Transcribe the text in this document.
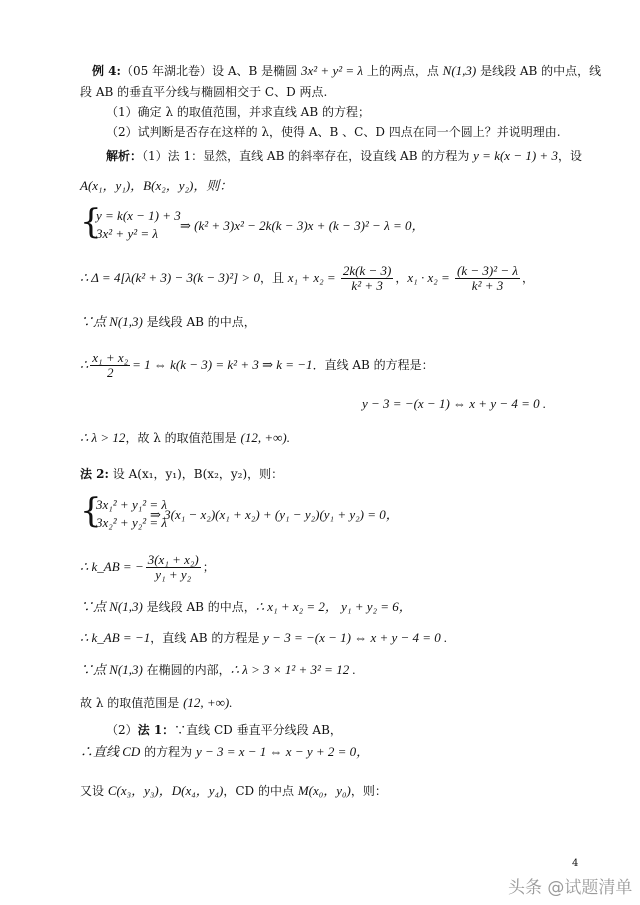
例 4:（05 年湖北卷）设 A、B 是椭圆 3x² + y² = λ 上的两点，点 N(1,3) 是线段 AB 的中点，线
段 AB 的垂直平分线与椭圆相交于 C、D 两点.
（1）确定 λ 的取值范围，并求直线 AB 的方程；
（2）试判断是否存在这样的 λ，使得 A、B 、C、D 四点在同一个圆上？并说明理由.
解析：（1）法 1：显然，直线 AB 的斜率存在，设直线 AB 的方程为 y = k(x − 1) + 3，设
A(x₁，y₁)，B(x₂，y₂)，则：
{
y = k(x − 1) + 3
3x² + y² = λ
⇒ (k² + 3)x² − 2k(k − 3)x + (k − 3)² − λ = 0，
∴ Δ = 4[λ(k² + 3) − 3(k − 3)²] > 0，且 $x_1 + x_2 = \frac{2k(k - 3)}{\text{k² + 3}}$ ，$x_1 \cdot x_2 = \frac{\text{(k − 3)² − λ}}{\text{k² + 3}}$ ，
∵点 N(1,3) 是线段 AB 的中点，
∴ $\frac{\text{x₁ + x₂}}{2} = 1$ ⇔ k(k − 3) = k² + 3 ⇒ k = −1．直线 AB 的方程是：
y − 3 = −(x − 1) ⇔ x + y − 4 = 0 .
∴ λ > 12，故 λ 的取值范围是 (12, +∞).
法 2: 设 A(x₁，y₁)，B(x₂，y₂)，则：
{
3x₁² + y₁² = λ
3x₂² + y₂² = λ
⇒ 3(x₁ − x₂)(x₁ + x₂) + (y₁ − y₂)(y₁ + y₂) = 0，
∴ k_AB = − $\frac{\text{3(x₁ + x₂)}}{\text{y₁ + y₂}}$ ；
∵点 N(1,3) 是线段 AB 的中点，∴ x₁ + x₂ = 2， y₁ + y₂ = 6，
∴ k_AB = −1，直线 AB 的方程是 y − 3 = −(x − 1) ⇔ x + y − 4 = 0 .
∵点 N(1,3) 在椭圆的内部，∴ λ > 3 × 1² + 3² = 12 .
故 λ 的取值范围是 (12, +∞).
（2）法 1：∵直线 CD 垂直平分线段 AB，
∴直线 CD 的方程为 y − 3 = x − 1 ⇔ x − y + 2 = 0，
又设 C(x₃，y₃)，D(x₄，y₄)，CD 的中点 M(x₀，y₀)，则：
4
头条 @试题清单
